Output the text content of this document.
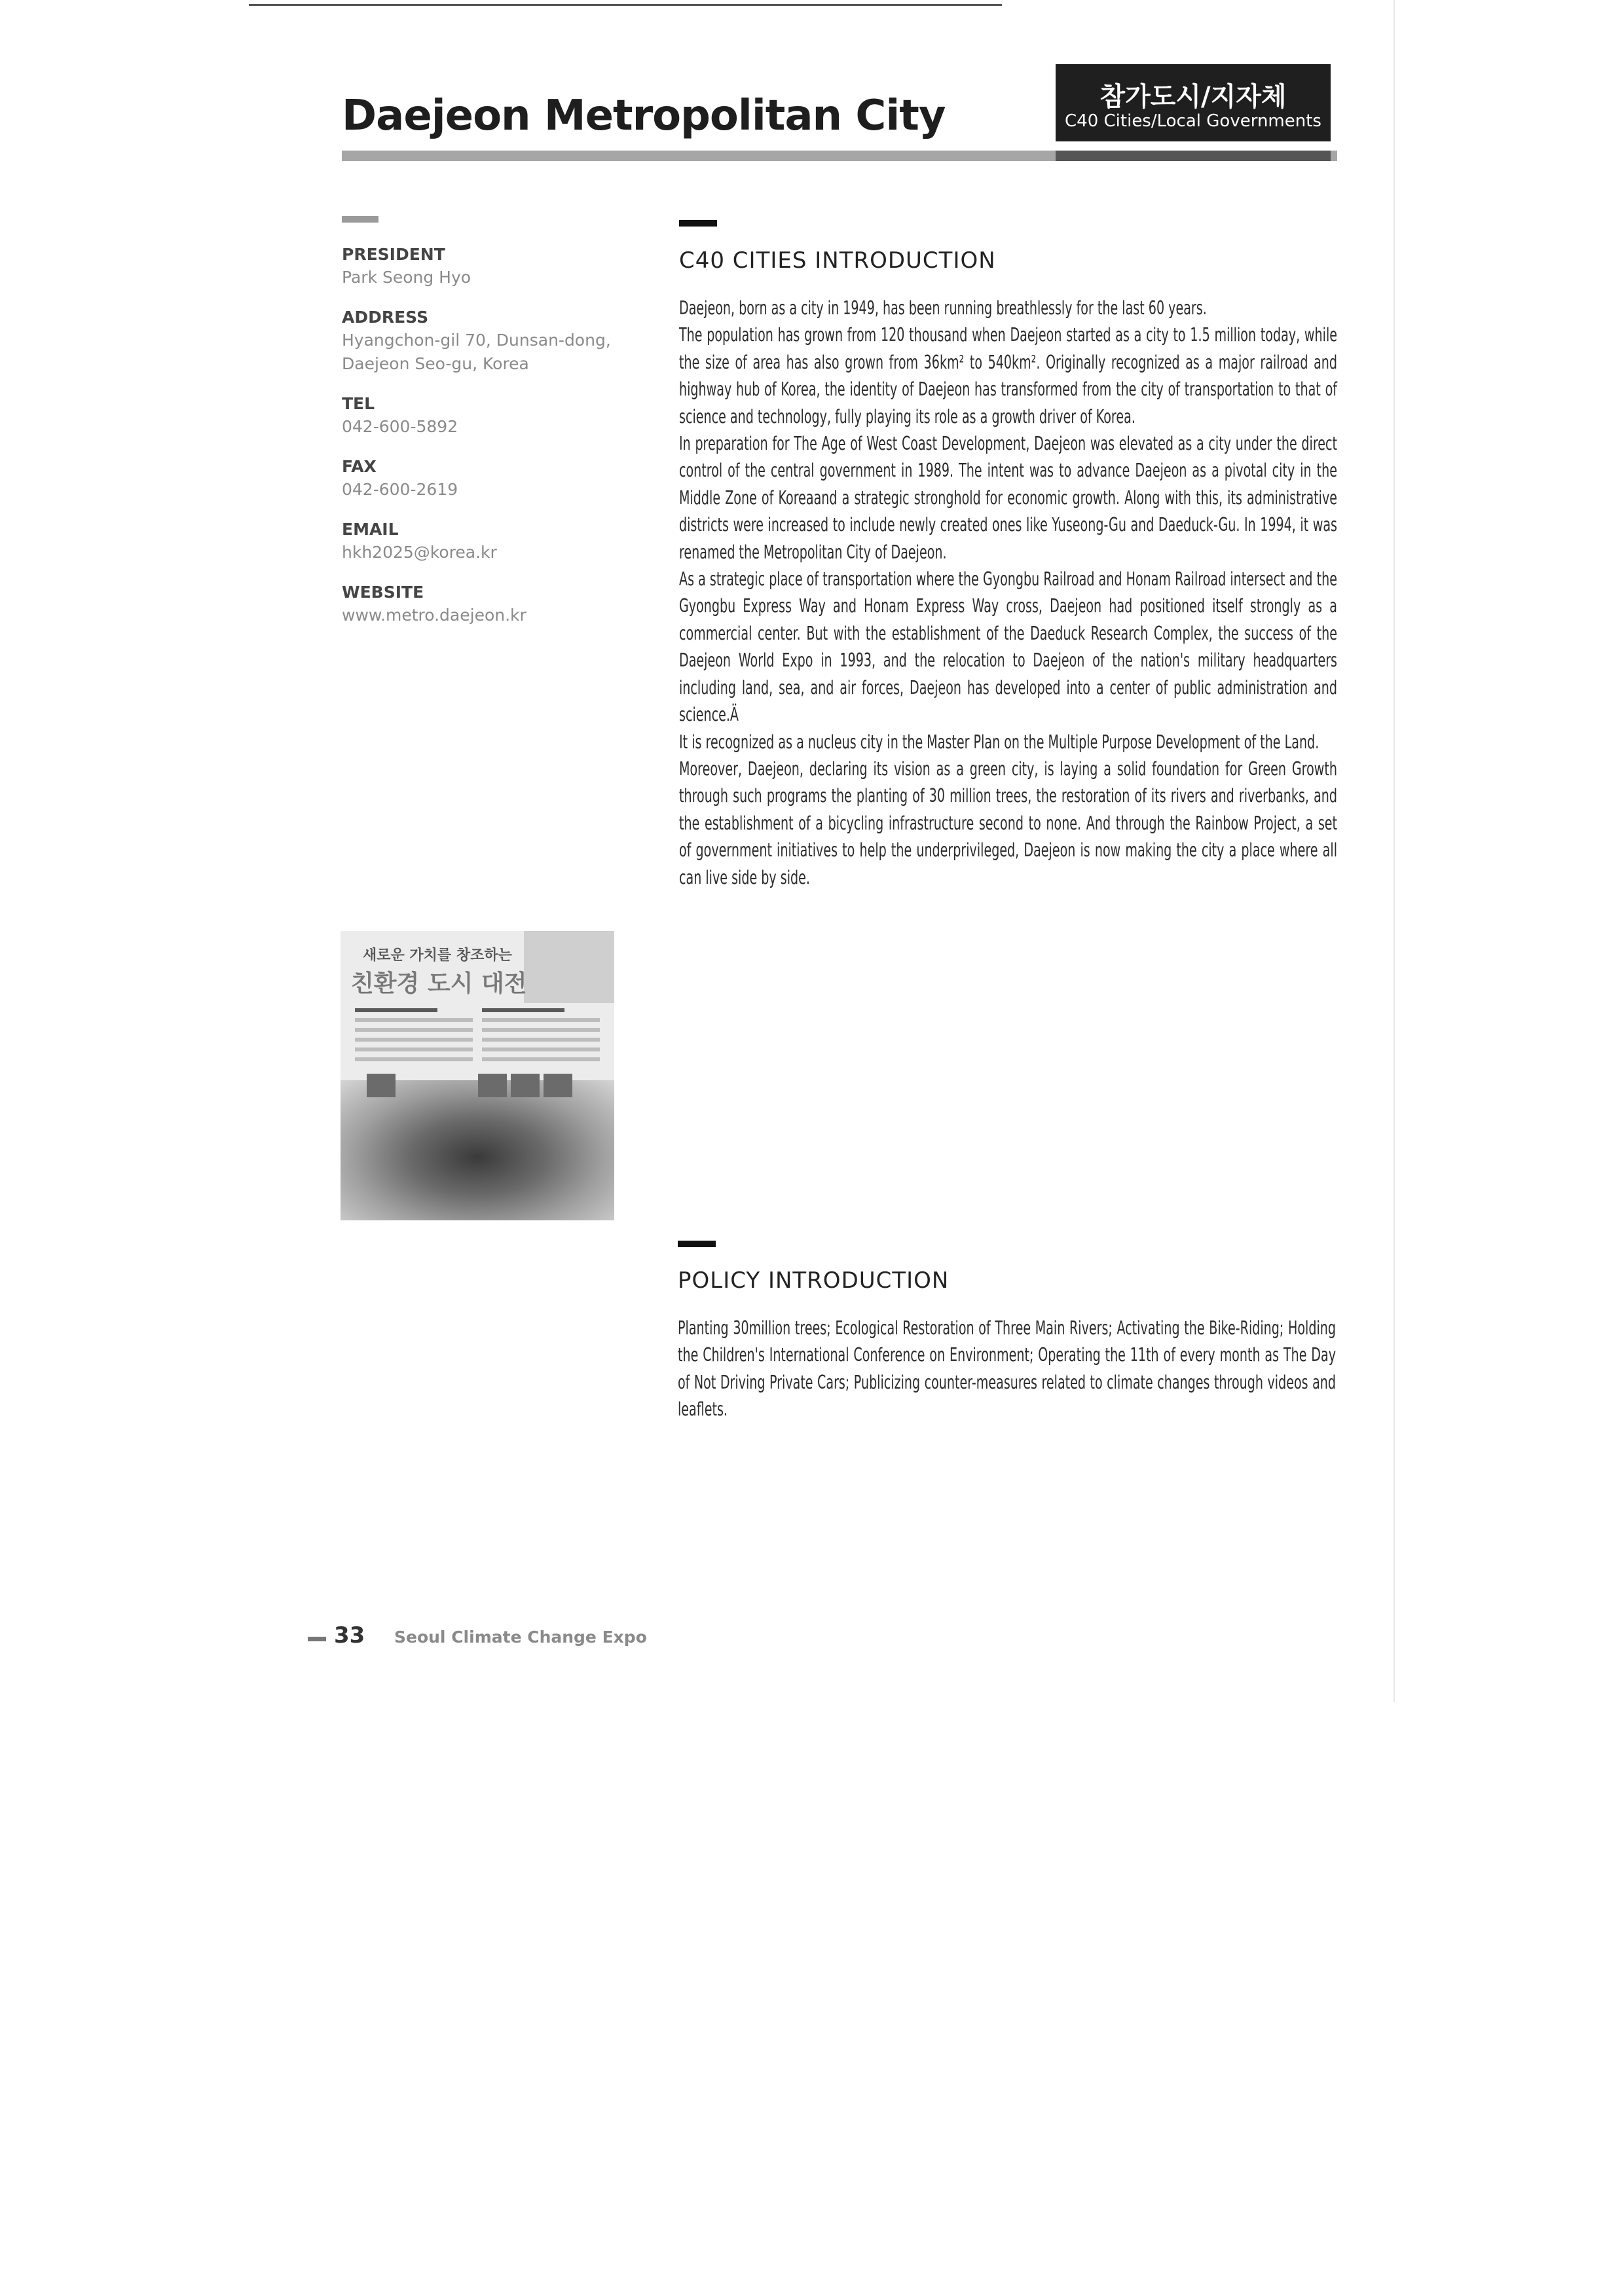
Daejeon Metropolitan City	참가도시/지자체
C40 Cities/Local Governments
PRESIDENT
Park Seong Hyo
ADDRESS
Hyangchon-gil 70, Dunsan-dong,
Daejeon Seo-gu, Korea
TEL
042-600-5892
FAX
042-600-2619
EMAIL
hkh2025@korea.kr
WEBSITE
www.metro.daejeon.kr
새로운 가치를 창조하는
친환경 도시 대전
C40 CITIES INTRODUCTION

Daejeon, born as a city in 1949, has been running breathlessly for the last 60 years.

The population has grown from 120 thousand when Daejeon started as a city to 1.5 million today, while the size of area has also grown from 36km² to 540km². Originally recognized as a major railroad and highway hub of Korea, the identity of Daejeon has transformed from the city of transportation to that of science and technology, fully playing its role as a growth driver of Korea.

In preparation for The Age of West Coast Development, Daejeon was elevated as a city under the direct control of the central government in 1989. The intent was to advance Daejeon as a pivotal city in the Middle Zone of Koreaand a strategic stronghold for economic growth. Along with this, its administrative districts were increased to include newly created ones like Yuseong-Gu and Daeduck-Gu. In 1994, it was renamed the Metropolitan City of Daejeon.

As a strategic place of transportation where the Gyongbu Railroad and Honam Railroad intersect and the Gyongbu Express Way and Honam Express Way cross, Daejeon had positioned itself strongly as a commercial center. But with the establishment of the Daeduck Research Complex, the success of the Daejeon World Expo in 1993, and the relocation to Daejeon of the nation's military headquarters including land, sea, and air forces, Daejeon has developed into a center of public administration and science.Ä

It is recognized as a nucleus city in the Master Plan on the Multiple Purpose Development of the Land.

Moreover, Daejeon, declaring its vision as a green city, is laying a solid foundation for Green Growth through such programs the planting of 30 million trees, the restoration of its rivers and riverbanks, and the establishment of a bicycling infrastructure second to none. And through the Rainbow Project, a set of government initiatives to help the underprivileged, Daejeon is now making the city a place where all can live side by side.

POLICY INTRODUCTION

Planting 30million trees; Ecological Restoration of Three Main Rivers; Activating the Bike-Riding; Holding the Children's International Conference on Environment; Operating the 11th of every month as The Day of Not Driving Private Cars; Publicizing counter-measures related to climate changes through videos and leaflets.

33 Seoul Climate Change Expo
